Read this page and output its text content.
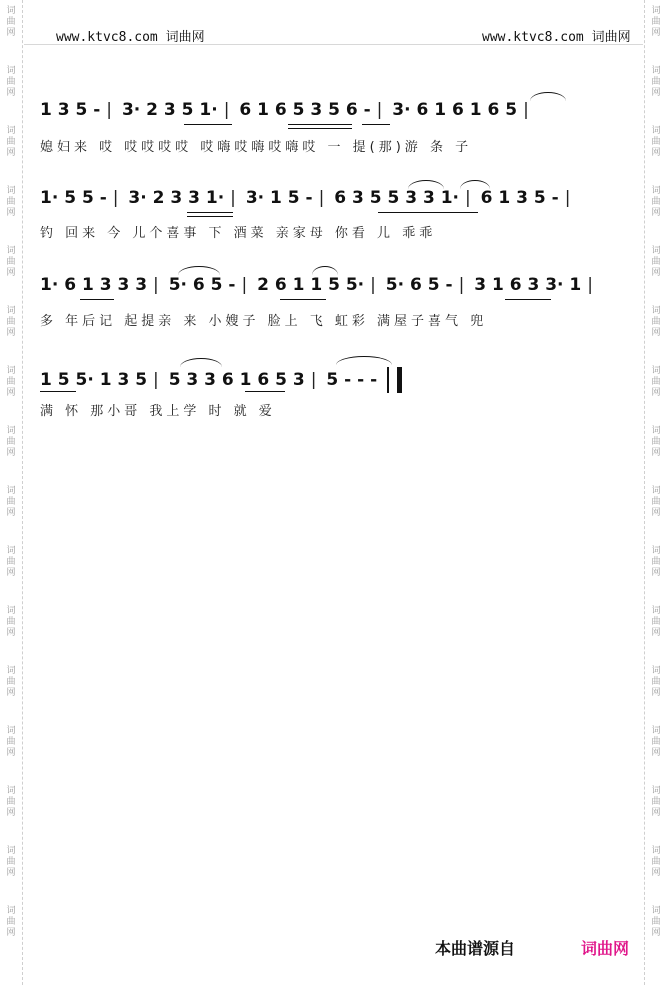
词
曲
网
词
曲
网
词
曲
网
词
曲
网
词
曲
网
词
曲
网
词
曲
网
词
曲
网
词
曲
网
词
曲
网
词
曲
网
词
曲
网
词
曲
网
词
曲
网
词
曲
网
词
曲
网
词
曲
网
词
曲
网
词
曲
网
词
曲
网
词
曲
网
词
曲
网
词
曲
网
词
曲
网
词
曲
网
词
曲
网
词
曲
网
词
曲
网
词
曲
网
词
曲
网
词
曲
网
词
曲
网
www.ktvc8.com 词曲网	www.ktvc8.com 词曲网
1 3 5 - | 3· 2 3 5 1· | 6 1 6 5 3 5 6 - | 3· 6 1 6 1 6 5 |
媳妇来 哎 哎哎哎哎 哎嗨哎嗨哎嗨哎 一 提(那)游 条 子
1· 5 5 - | 3· 2 3 3 1· | 3· 1 5 - | 6 3 5 5 3 3 1· | 6 1 3 5 - |
钓 回来 今 儿个喜事 下 酒菜 亲家母 你看 儿 乖乖
1· 6 1 3 3 3 | 5· 6 5 - | 2 6 1 1 5 5· | 5· 6 5 - | 3 1 6 3 3· 1 |
多 年后记 起提亲 来 小嫂子 脸上 飞 虹彩 满屋子喜气 兜
1 5 5· 1 3 5 | 5 3 3 6 1 6 5 3 | 5 - - -
满 怀 那小哥 我上学 时 就 爱
本曲谱源自	词曲网
